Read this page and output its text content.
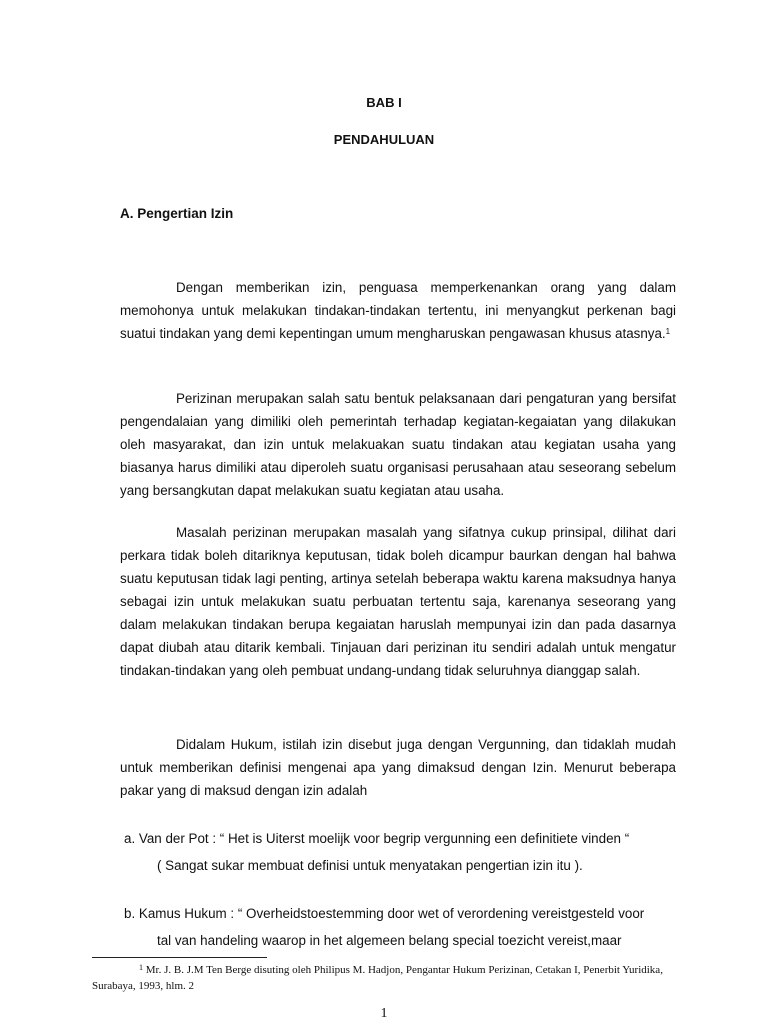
BAB I
PENDAHULUAN
A. Pengertian Izin

Dengan memberikan izin, penguasa memperkenankan orang yang dalam memohonya untuk melakukan tindakan-tindakan tertentu, ini menyangkut perkenan bagi suatui tindakan yang demi kepentingan umum mengharuskan pengawasan khusus atasnya.$^1$

Perizinan merupakan salah satu bentuk pelaksanaan dari pengaturan yang bersifat pengendalaian yang dimiliki oleh pemerintah terhadap kegiatan-kegaiatan yang dilakukan oleh masyarakat, dan izin untuk melakuakan suatu tindakan atau kegiatan usaha yang biasanya harus dimiliki atau diperoleh suatu organisasi perusahaan atau seseorang sebelum yang bersangkutan dapat melakukan suatu kegiatan atau usaha.

Masalah perizinan merupakan masalah yang sifatnya cukup prinsipal, dilihat dari perkara tidak boleh ditariknya keputusan, tidak boleh dicampur baurkan dengan hal bahwa suatu keputusan tidak lagi penting, artinya setelah beberapa waktu karena maksudnya hanya sebagai izin untuk melakukan suatu perbuatan tertentu saja, karenanya seseorang yang dalam melakukan tindakan berupa kegaiatan haruslah mempunyai izin dan pada dasarnya dapat diubah atau ditarik kembali. Tinjauan dari perizinan itu sendiri adalah untuk mengatur tindakan-tindakan yang oleh pembuat undang-undang tidak seluruhnya dianggap salah.

Didalam Hukum, istilah izin disebut juga dengan Vergunning, dan tidaklah mudah untuk memberikan definisi mengenai apa yang dimaksud dengan Izin. Menurut beberapa pakar yang di maksud dengan izin adalah

a. Van der Pot : “ Het is Uiterst moelijk voor begrip vergunning een definitiete vinden “
( Sangat sukar membuat definisi untuk menyatakan pengertian izin itu ).
b. Kamus Hukum : “ Overheidstoestemming door wet of verordening vereistgesteld voor
tal van handeling waarop in het algemeen belang special toezicht vereist,maar

$^1$ Mr. J. B. J.M Ten Berge disuting oleh Philipus M. Hadjon, Pengantar Hukum Perizinan, Cetakan I, Penerbit Yuridika, Surabaya, 1993, hlm. 2

1
